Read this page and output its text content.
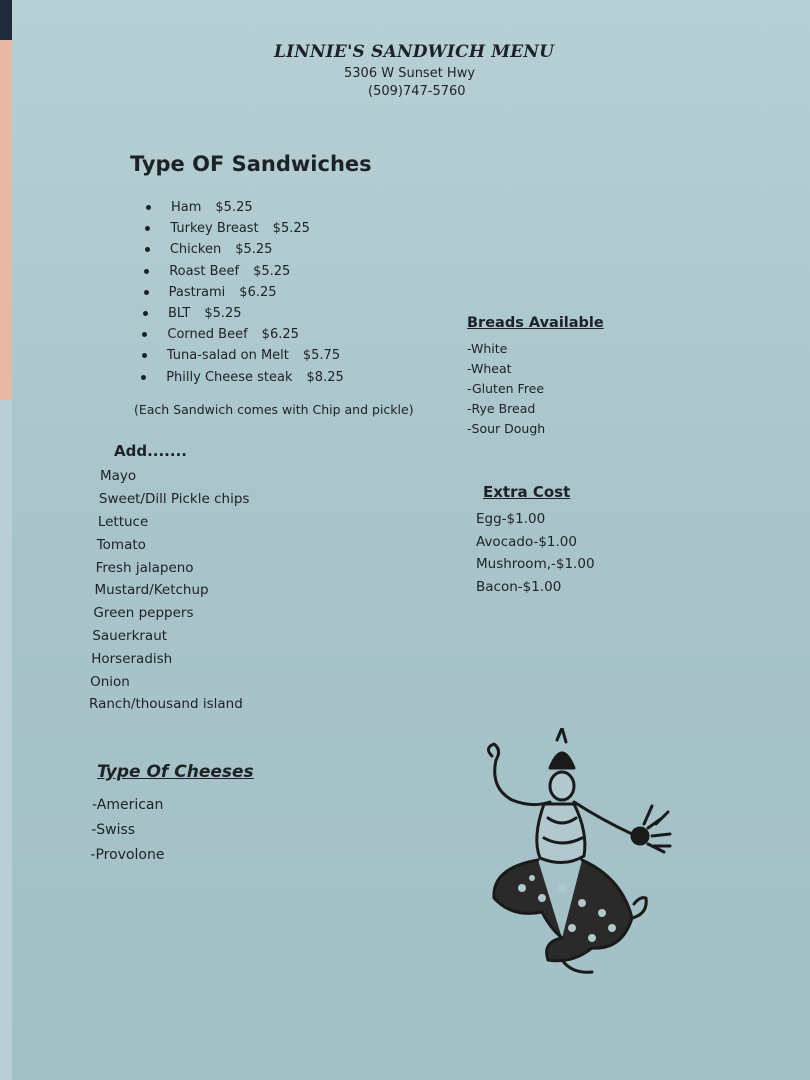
LINNIE'S SANDWICH MENU
5306 W Sunset Hwy
(509)747-5760
Type OF Sandwiches
Ham $5.25
Turkey Breast $5.25
Chicken $5.25
Roast Beef $5.25
Pastrami $6.25
BLT $5.25
Corned Beef $6.25
Tuna-salad on Melt $5.75
Philly Cheese steak $8.25
(Each Sandwich comes with Chip and pickle)
Add.......
Mayo
Sweet/Dill Pickle chips
Lettuce
Tomato
Fresh jalapeno
Mustard/Ketchup
Green peppers
Sauerkraut
Horseradish
Onion
Ranch/thousand island
Breads Available
-White
-Wheat
-Gluten Free
-Rye Bread
-Sour Dough
Extra Cost
Egg-$1.00
Avocado-$1.00
Mushroom,-$1.00
Bacon-$1.00
Type Of Cheeses
-American
-Swiss
-Provolone
